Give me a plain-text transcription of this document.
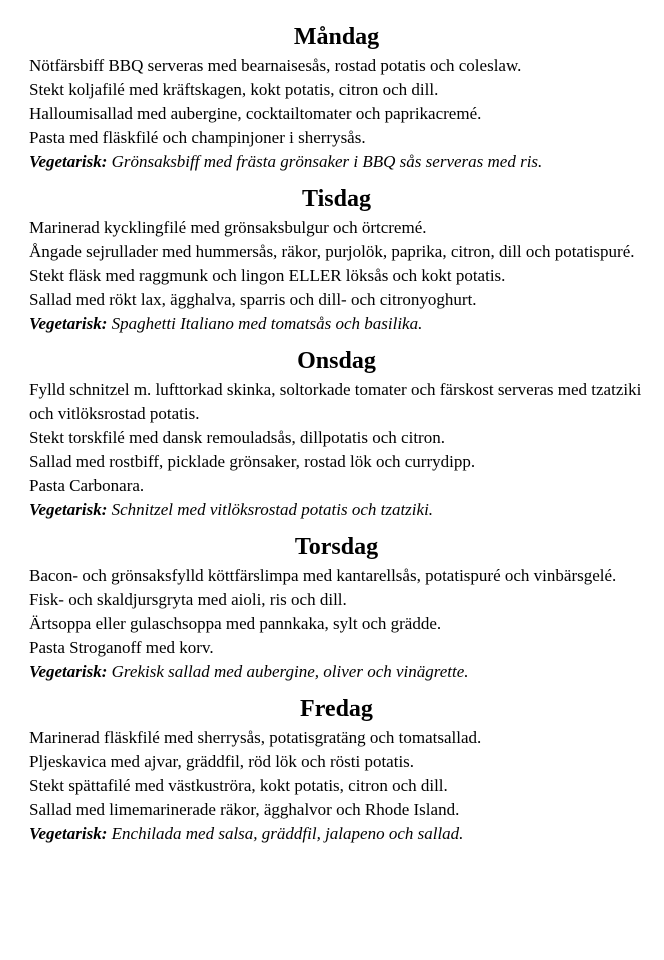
Måndag

Nötfärsbiff BBQ serveras med bearnaisesås, rostad potatis och coleslaw.

Stekt koljafilé med kräftskagen, kokt potatis, citron och dill.

Halloumisallad med aubergine, cocktailtomater och paprikacremé.

Pasta med fläskfilé och champinjoner i sherrysås.

Vegetarisk: Grönsaksbiff med frästa grönsaker i BBQ sås serveras med ris.

Tisdag

Marinerad kycklingfilé med grönsaksbulgur och örtcremé.

Ångade sejrullader med hummersås, räkor, purjolök, paprika, citron, dill och potatispuré.

Stekt fläsk med raggmunk och lingon ELLER löksås och kokt potatis.

Sallad med rökt lax, ägghalva, sparris och dill- och citronyoghurt.

Vegetarisk: Spaghetti Italiano med tomatsås och basilika.

Onsdag

Fylld schnitzel m. lufttorkad skinka, soltorkade tomater och färskost serveras med tzatziki och vitlöksrostad potatis.

Stekt torskfilé med dansk remouladsås, dillpotatis och citron.

Sallad med rostbiff, picklade grönsaker, rostad lök och currydipp.

Pasta Carbonara.

Vegetarisk: Schnitzel med vitlöksrostad potatis och tzatziki.

Torsdag

Bacon- och grönsaksfylld köttfärslimpa med kantarellsås, potatispuré och vinbärsgelé.

Fisk- och skaldjursgryta med aioli, ris och dill.

Ärtsoppa eller gulaschsoppa med pannkaka, sylt och grädde.

Pasta Stroganoff med korv.

Vegetarisk: Grekisk sallad med aubergine, oliver och vinägrette.

Fredag

Marinerad fläskfilé med sherrysås, potatisgratäng och tomatsallad.

Pljeskavica med ajvar, gräddfil, röd lök och rösti potatis.

Stekt spättafilé med västkuströra, kokt potatis, citron och dill.

Sallad med limemarinerade räkor, ägghalvor och Rhode Island.

Vegetarisk: Enchilada med salsa, gräddfil, jalapeno och sallad.
